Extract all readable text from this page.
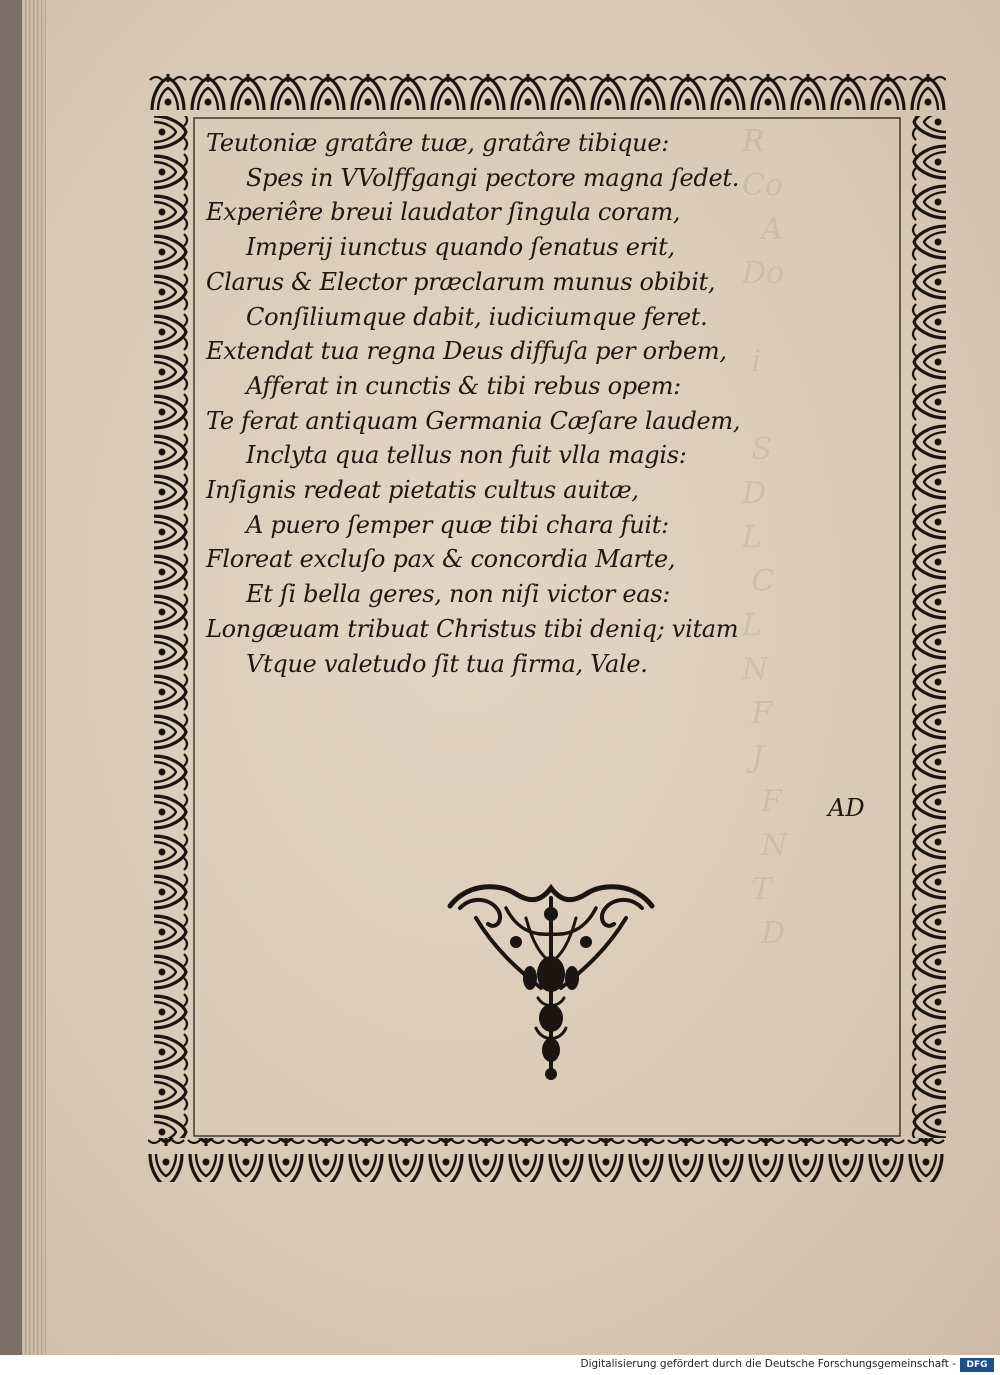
R
Co
A
Do

i

S
D
L
C
L
N
F
J
F
N
T
D
Teutoniæ gratâre tuæ, gratâre tibique:
Spes in VVolffgangi pectore magna ſedet.
Experiêre breui laudator ſingula coram,
Imperij iunctus quando ſenatus erit,
Clarus & Elector præclarum munus obibit,
Conſiliumque dabit, iudiciumque feret.
Extendat tua regna Deus diffuſa per orbem,
Afferat in cunctis & tibi rebus opem:
Te ferat antiquam Germania Cæſare laudem,
Inclyta qua tellus non fuit vlla magis:
Inſignis redeat pietatis cultus auitæ,
A puero ſemper quæ tibi chara fuit:
Floreat excluſo pax & concordia Marte,
Et ſi bella geres, non niſi victor eas:
Longæuam tribuat Christus tibi deniq; vitam
Vtque valetudo ſit tua firma, Vale.
AD
Digitalisierung gefördert durch die Deutsche Forschungsgemeinschaft -	DFG
